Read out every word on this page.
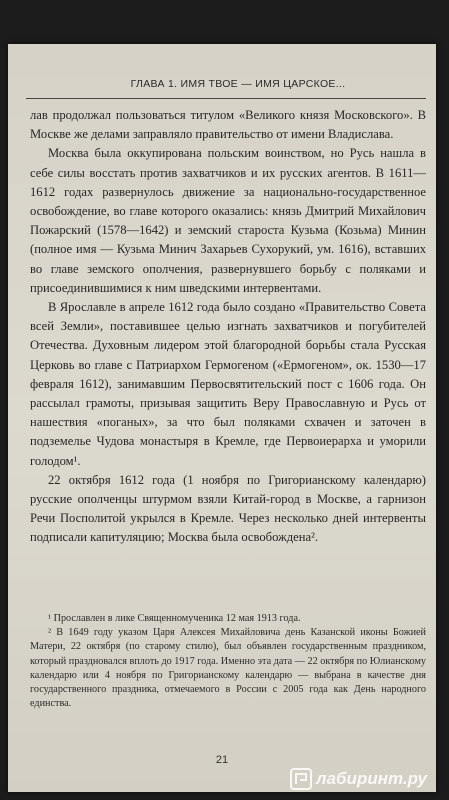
ГЛАВА 1. ИМЯ ТВОЕ — ИМЯ ЦАРСКОЕ...

лав продолжал пользоваться титулом «Великого князя Московского». В Москве же делами заправляло правительство от имени Владислава.

Москва была оккупирована польским воинством, но Русь нашла в себе силы восстать против захватчиков и их русских агентов. В 1611—1612 годах развернулось движение за национально-государственное освобождение, во главе которого оказались: князь Дмитрий Михайлович Пожарский (1578—1642) и земский староста Кузьма (Козьма) Минин (полное имя — Кузьма Минич Захарьев Сухорукий, ум. 1616), вставших во главе земского ополчения, развернувшего борьбу с поляками и присоединившимися к ним шведскими интервентами.

В Ярославле в апреле 1612 года было создано «Правительство Совета всей Земли», поставившее целью изгнать захватчиков и погубителей Отечества. Духовным лидером этой благородной борьбы стала Русская Церковь во главе с Патриархом Гермогеном («Ермогеном», ок. 1530—17 февраля 1612), занимавшим Первосвятительский пост с 1606 года. Он рассылал грамоты, призывая защитить Веру Православную и Русь от нашествия «поганых», за что был поляками схвачен и заточен в подземелье Чудова монастыря в Кремле, где Первоиерарха и уморили голодом¹.

22 октября 1612 года (1 ноября по Григорианскому календарю) русские ополченцы штурмом взяли Китай-город в Москве, а гарнизон Речи Посполитой укрылся в Кремле. Через несколько дней интервенты подписали капитуляцию; Москва была освобождена².

¹ Прославлен в лике Священномученика 12 мая 1913 года.

² В 1649 году указом Царя Алексея Михайловича день Казанской иконы Божией Матери, 22 октября (по старому стилю), был объявлен государственным праздником, который праздновался вплоть до 1917 года. Именно эта дата — 22 октября по Юлианскому календарю или 4 ноября по Григорианскому календарю — выбрана в качестве дня государственного праздника, отмечаемого в России с 2005 года как День народного единства.

21
лабиринт.ру
